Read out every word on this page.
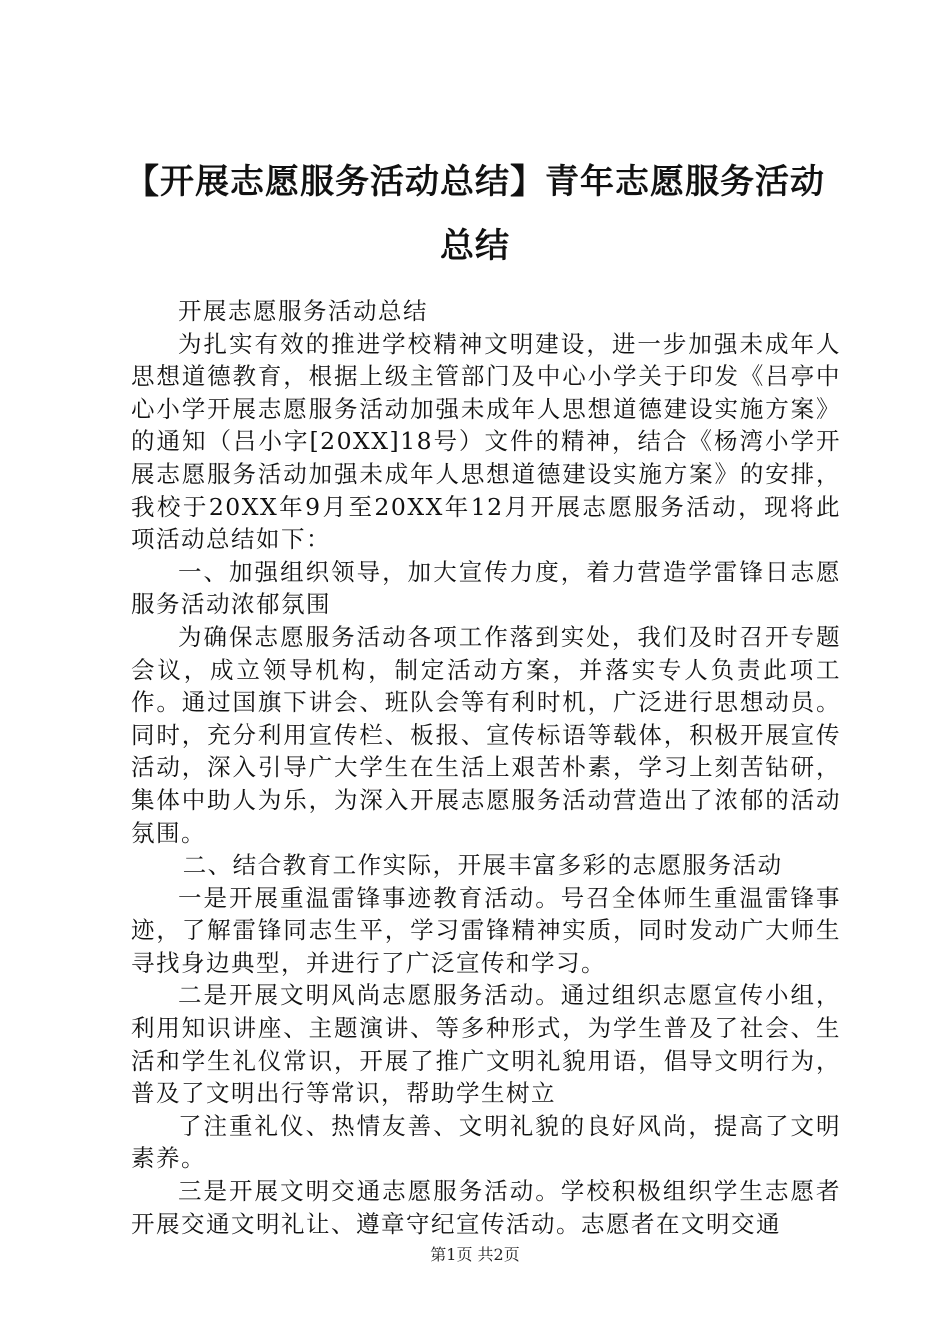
【开展志愿服务活动总结】青年志愿服务活动
总结

开展志愿服务活动总结

为扎实有效的推进学校精神文明建设，进一步加强未成年人思想道德教育，根据上级主管部门及中心小学关于印发《吕亭中心小学开展志愿服务活动加强未成年人思想道德建设实施方案》的通知（吕小字[20XX]18号）文件的精神，结合《杨湾小学开展志愿服务活动加强未成年人思想道德建设实施方案》的安排，我校于20XX年9月至20XX年12月开展志愿服务活动，现将此项活动总结如下：

一、加强组织领导，加大宣传力度，着力营造学雷锋日志愿服务活动浓郁氛围

为确保志愿服务活动各项工作落到实处，我们及时召开专题会议，成立领导机构，制定活动方案，并落实专人负责此项工作。通过国旗下讲会、班队会等有利时机，广泛进行思想动员。同时，充分利用宣传栏、板报、宣传标语等载体，积极开展宣传活动，深入引导广大学生在生活上艰苦朴素，学习上刻苦钻研，集体中助人为乐，为深入开展志愿服务活动营造出了浓郁的活动氛围。

二、结合教育工作实际，开展丰富多彩的志愿服务活动

一是开展重温雷锋事迹教育活动。号召全体师生重温雷锋事迹，了解雷锋同志生平，学习雷锋精神实质，同时发动广大师生寻找身边典型，并进行了广泛宣传和学习。

二是开展文明风尚志愿服务活动。通过组织志愿宣传小组，利用知识讲座、主题演讲、等多种形式，为学生普及了社会、生活和学生礼仪常识，开展了推广文明礼貌用语，倡导文明行为，普及了文明出行等常识，帮助学生树立

了注重礼仪、热情友善、文明礼貌的良好风尚，提高了文明素养。

三是开展文明交通志愿服务活动。学校积极组织学生志愿者开展交通文明礼让、遵章守纪宣传活动。志愿者在文明交通

第1页 共2页
